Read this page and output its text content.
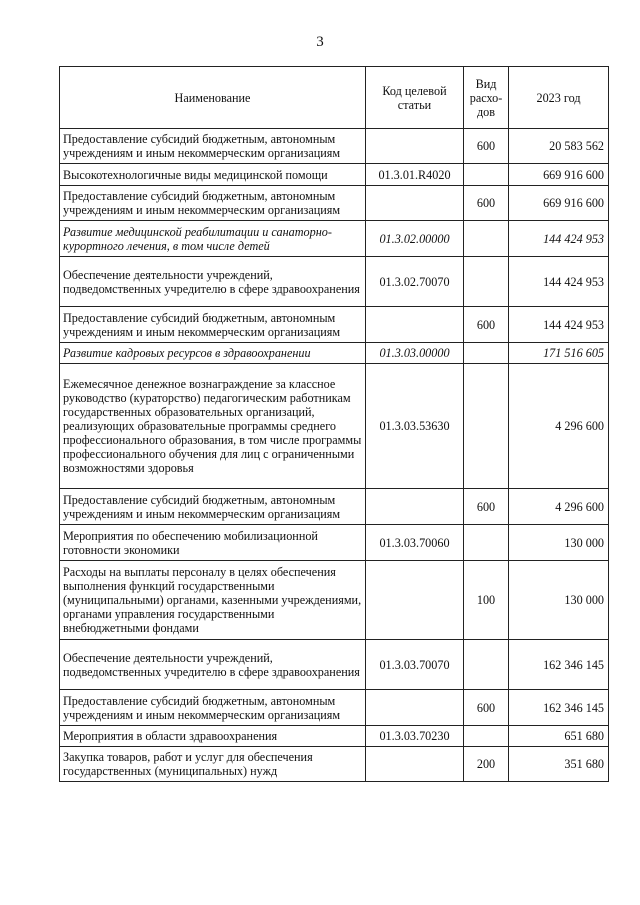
3
Наименование	Код целевой статьи	Вид расхо-дов	2023 год
Предоставление субсидий бюджетным, автономным учреждениям и иным некоммерческим организациям		600	20 583 562
Высокотехнологичные виды медицинской помощи	01.3.01.R4020		669 916 600
Предоставление субсидий бюджетным, автономным учреждениям и иным некоммерческим организациям		600	669 916 600
Развитие медицинской реабилитации и санаторно-курортного лечения, в том числе детей	01.3.02.00000		144 424 953
Обеспечение деятельности учреждений, подведомственных учредителю в сфере здравоохранения	01.3.02.70070		144 424 953
Предоставление субсидий бюджетным, автономным учреждениям и иным некоммерческим организациям		600	144 424 953
Развитие кадровых ресурсов в здравоохранении	01.3.03.00000		171 516 605
Ежемесячное денежное вознаграждение за классное руководство (кураторство) педагогическим работникам государственных образовательных организаций, реализующих образовательные программы среднего профессионального образования, в том числе программы профессионального обучения для лиц с ограниченными возможностями здоровья	01.3.03.53630		4 296 600
Предоставление субсидий бюджетным, автономным учреждениям и иным некоммерческим организациям		600	4 296 600
Мероприятия по обеспечению мобилизационной готовности экономики	01.3.03.70060		130 000
Расходы на выплаты персоналу в целях обеспечения выполнения функций государственными (муниципальными) органами, казенными учреждениями, органами управления государственными внебюджетными фондами		100	130 000
Обеспечение деятельности учреждений, подведомственных учредителю в сфере здравоохранения	01.3.03.70070		162 346 145
Предоставление субсидий бюджетным, автономным учреждениям и иным некоммерческим организациям		600	162 346 145
Мероприятия в области здравоохранения	01.3.03.70230		651 680
Закупка товаров, работ и услуг для обеспечения государственных (муниципальных) нужд		200	351 680
